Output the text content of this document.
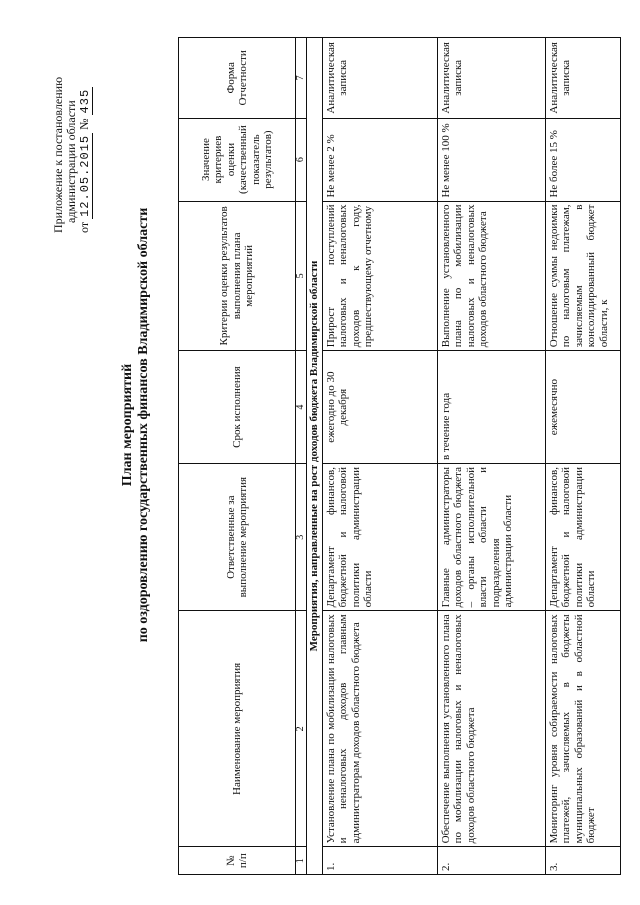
Приложение к постановлению администрации области
от 12.05.2015 № 435
План мероприятий по оздоровлению государственных финансов Владимирской области
№ п/п	Наименование мероприятия	Ответственные за выполнение мероприятия	Срок исполнения	Критерии оценки результатов выполнения плана мероприятий	Значение критериев оценки (качественный показатель результатов)	Форма Отчетности
1	2	3	4	5	6	7
Мероприятия, направленные на рост доходов бюджета Владимирской области						
1.	Установление плана по мобилизации налоговых и неналоговых доходов главным администраторам доходов областного бюджета	Департамент финансов, бюджетной и налоговой политики администрации области	ежегодно до 30 декабря	Прирост поступлений налоговых и неналоговых доходов к году, предшествующему отчетному	Не менее 2 %	Аналитическая записка
2.	Обеспечение выполнения установленного плана по мобилизации налоговых и неналоговых доходов областного бюджета	Главные администраторы доходов областного бюджета – органы исполнительной власти области и подразделения администрации области	в течение года	Выполнение установленного плана по мобилизации налоговых и неналоговых доходов областного бюджета	Не менее 100 %	Аналитическая записка
3.	Мониторинг уровня собираемости налоговых платежей, зачисляемых в бюджеты муниципальных образований и в областной бюджет	Департамент финансов, бюджетной и налоговой политики администрации области	ежемесячно	Отношение суммы недоимки по налоговым платежам, зачисляемым в консолидированный бюджет области, к	Не более 15 %	Аналитическая записка
